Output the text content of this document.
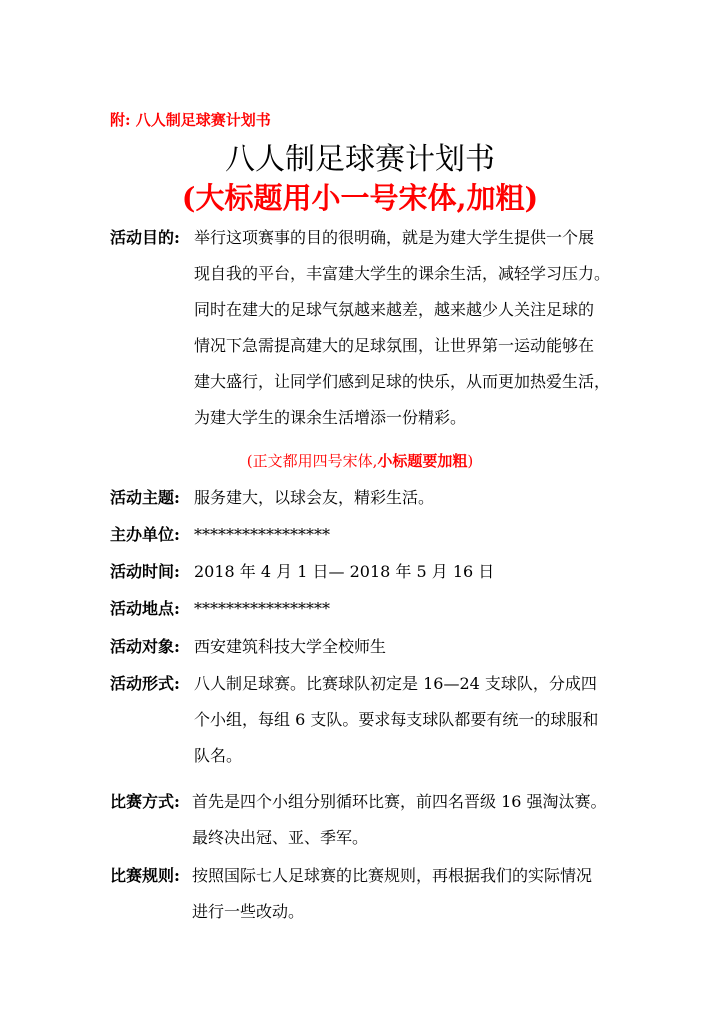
附: 八人制足球赛计划书
八人制足球赛计划书
(大标题用小一号宋体,加粗)
活动目的: 举行这项赛事的目的很明确，就是为建大学生提供一个展
现自我的平台，丰富建大学生的课余生活，减轻学习压力。
同时在建大的足球气氛越来越差，越来越少人关注足球的
情况下急需提高建大的足球氛围，让世界第一运动能够在
建大盛行，让同学们感到足球的快乐，从而更加热爱生活，
为建大学生的课余生活增添一份精彩。
(正文都用四号宋体,小标题要加粗)
活动主题: 服务建大，以球会友，精彩生活。
主办单位: *****************
活动时间: 2018 年 4 月 1 日— 2018 年 5 月 16 日
活动地点: *****************
活动对象: 西安建筑科技大学全校师生
活动形式: 八人制足球赛。比赛球队初定是 16—24 支球队，分成四
个小组，每组 6 支队。要求每支球队都要有统一的球服和
队名。
比赛方式: 首先是四个小组分别循环比赛，前四名晋级 16 强淘汰赛。
最终决出冠、亚、季军。
比赛规则: 按照国际七人足球赛的比赛规则，再根据我们的实际情况
进行一些改动。
